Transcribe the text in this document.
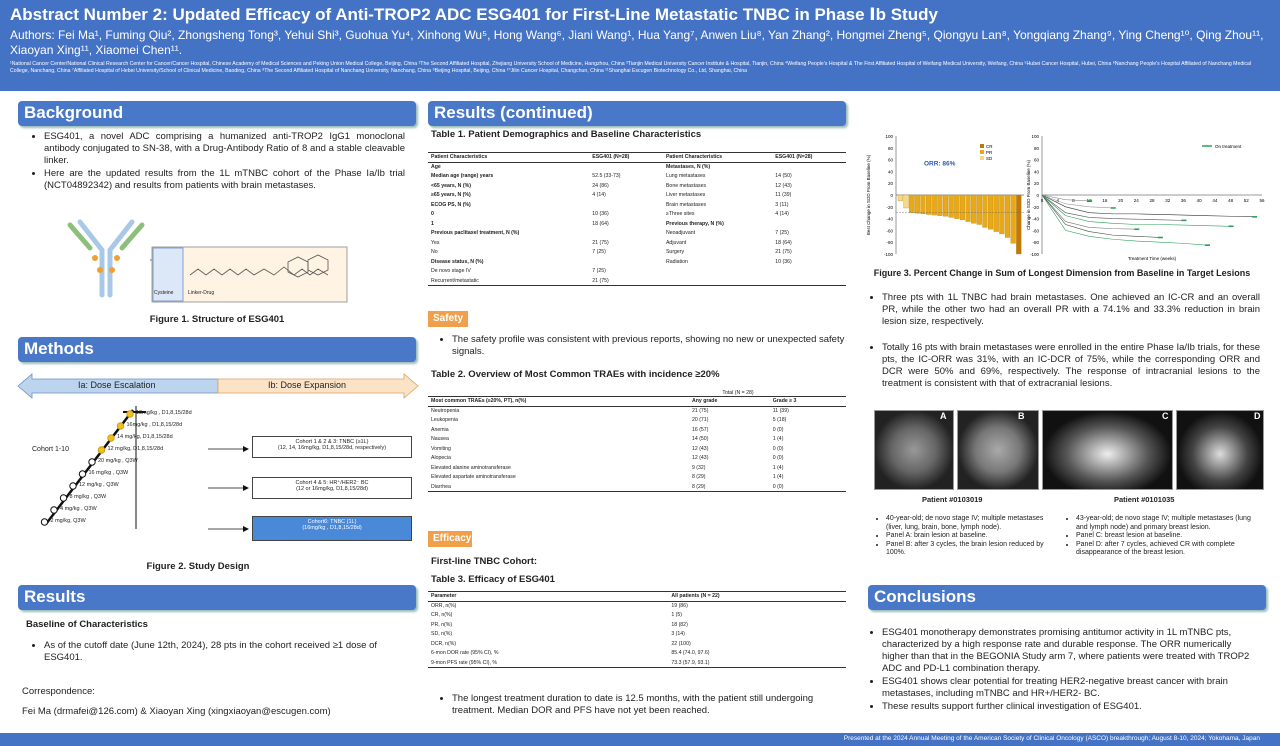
Abstract Number 2: Updated Efficacy of Anti-TROP2 ADC ESG401 for First-Line Metastatic TNBC in Phase Ⅰb Study
Authors: Fei Ma¹, Fuming Qiu², Zhongsheng Tong³, Yehui Shi³, Guohua Yu⁴, Xinhong Wu⁵, Hong Wang⁶, Jiani Wang¹, Hua Yang⁷, Anwen Liu⁸, Yan Zhang², Hongmei Zheng⁵, Qiongyu Lan⁸, Yongqiang Zhang⁹, Ying Cheng¹⁰, Qing Zhou¹¹, Xiaoyan Xing¹¹, Xiaomei Chen¹¹.
¹National Cancer Center/National Clinical Research Center for Cancer/Cancer Hospital, Chinese Academy of Medical Sciences and Peking Union Medical College, Beijing, China ²The Second Affiliated Hospital, Zhejiang University School of Medicine, Hangzhou, China ³Tianjin Medical University Cancer Institute & Hospital, Tianjin, China ⁴Weifang People's Hospital & The First Affiliated Hospital of Weifang Medical University, Weifang, China ⁵Hubei Cancer Hospital, Hubei, China ⁶Nanchang People's Hospital Affiliated of Nanchang Medical College, Nanchang, China ⁷Affiliated Hospital of Hebei University/School of Clinical Medicine, Baoding, China ⁸The Second Affiliated Hospital of Nanchang University, Nanchang, China ⁹Beijing Hospital, Beijing, China ¹⁰Jilin Cancer Hospital, Changchun, China ¹¹Shanghai Escugen Biotechnology Co., Ltd, Shanghai, China
Background
• ESG401, a novel ADC comprising a humanized anti-TROP2 IgG1 monoclonal antibody conjugated to SN-38, with a Drug-Antibody Ratio of 8 and a stable cleavable linker.
• Here are the updated results from the 1L mTNBC cohort of the Phase Ia/Ib trial (NCT04892342) and results from patients with brain metastases.
Cysteine	Linker-Drug
Figure 1. Structure of ESG401
Methods
Ia: Dose Escalation	Ib: Dose Expansion
Cohort 1-10
18mg/kg , D1,8,15/28d
16mg/kg , D1,8,15/28d
14 mg/kg, D1,8,15/28d
12 mg/kg, D1,8,15/28d
20 mg/kg , Q3W
16 mg/kg , Q3W
12 mg/kg , Q3W
8 mg/kg , Q3W
4 mg/kg , Q3W
2 mg/kg, Q3W
Cohort 1 & 2 & 3: TNBC (≥1L)
(12, 14, 16mg/kg, D1,8,15/28d, respectively)
Cohort 4 & 5: HR⁺/HER2⁻ BC
(12 or 16mg/kg, D1,8,15/28d)
Cohort6: TNBC (1L)
(16mg/kg , D1,8,15/28d)
Figure 2. Study Design
Results
Baseline of Characteristics
• As of the cutoff date (June 12th, 2024), 28 pts in the cohort received ≥1 dose of ESG401.
Correspondence:
Fei Ma (drmafei@126.com) & Xiaoyan Xing (xingxiaoyan@escugen.com)
Results (continued)
Table 1. Patient Demographics and Baseline Characteristics
Patient Characteristics	ESG401 (N=28)	Patient Characteristics	ESG401 (N=28)
Age		Metastases, N (%)	
Median age (range) years	52.5 (33-73)	Lung metastases	14 (50)
<65 years, N (%)	24 (86)	Bone metastases	12 (43)
≥65 years, N (%)	4 (14)	Liver metastases	11 (39)
ECOG PS, N (%)		Brain metastases	3 (11)
0	10 (36)	≥Three sites	4 (14)
1	18 (64)	Previous therapy, N (%)	
Previous paclitaxel treatment, N (%)		Neoadjuvant	7 (25)
Yes	21 (75)	Adjuvant	18 (64)
No	7 (25)	Surgery	21 (75)
Disease status, N (%)		Radiation	10 (36)
De novo stage IV	7 (25)		
Recurrent/metastatic	21 (75)		
Safety
• The safety profile was consistent with previous reports, showing no new or unexpected safety signals.
Table 2. Overview of Most Common TRAEs with incidence ≥20%
Total (N = 28)
Most common TRAEs (≥20%, PT), n(%)	Any grade	Grade ≥ 3
Neutropenia	21 (75)	11 (39)
Leukopenia	20 (71)	5 (18)
Anemia	16 (57)	0 (0)
Nausea	14 (50)	1 (4)
Vomiting	12 (43)	0 (0)
Alopecia	12 (43)	0 (0)
Elevated alanine aminotransferase	9 (32)	1 (4)
Elevated aspartate aminotransferase	8 (29)	1 (4)
Diarrhea	8 (29)	0 (0)
Efficacy
First-line TNBC Cohort:
Table 3. Efficacy of ESG401
Parameter	All patients (N = 22)
ORR, n(%)	19 (86)
CR, n(%)	1 (5)
PR, n(%)	18 (82)
SD, n(%)	3 (14)
DCR, n(%)	22 (100)
6-mon DOR rate (95% CI), %	85.4 (74.0, 97.6)
9-mon PFS rate (95% CI), %	73.3 (57.9, 93.1)
• The longest treatment duration to date is 12.5 months, with the patient still undergoing treatment. Median DOR and PFS have not yet been reached.
100
80
60
40
20
0
-20
-40
-60
-80
-100
ORR: 86%
CR
PR
SD
Best Change in SOD From Baseline (%)
100
80
60
40
20
0
-20
-40
-60
-80
-100
0	4	8	16 20 24 28 32 36 40 44 48 52 56
On treatment
Treatment Time (weeks)
Change in SOD From Baseline (%)
Figure 3. Percent Change in Sum of Longest Dimension from Baseline in Target Lesions
• Three pts with 1L TNBC had brain metastases. One achieved an IC-CR and an overall PR, while the other two had an overall PR with a 74.1% and 33.3% reduction in brain lesion size, respectively.
• Totally 16 pts with brain metastases were enrolled in the entire Phase Ia/Ib trials, for these pts, the IC-ORR was 31%, with an IC-DCR of 75%, while the corresponding ORR and DCR were 50% and 69%, respectively. The response of intracranial lesions to the treatment is consistent with that of extracranial lesions.
A	B	C	D
Patient #0103019	Patient #0101035
• 40-year-old; de novo stage IV; multiple metastases (liver, lung, brain, bone, lymph node).
• Panel A: brain lesion at baseline.
• Panel B: after 3 cycles, the brain lesion reduced by 100%.
• 43-year-old; de novo stage IV; multiple metastases (lung and lymph node) and primary breast lesion.
• Panel C: breast lesion at baseline.
• Panel D: after 7 cycles, achieved CR with complete disappearance of the breast lesion.
Conclusions
• ESG401 monotherapy demonstrates promising antitumor activity in 1L mTNBC pts, characterized by a high response rate and durable response. The ORR numerically higher than that in the BEGONIA Study arm 7, where patients were treated with TROP2 ADC and PD-L1 combination therapy.
• ESG401 shows clear potential for treating HER2-negative breast cancer with brain metastases, including mTNBC and HR+/HER2- BC.
• These results support further clinical investigation of ESG401.
Presented at the 2024 Annual Meeting of the American Society of Clinical Oncology (ASCO) breakthrough; August 8-10, 2024; Yokohama, Japan
